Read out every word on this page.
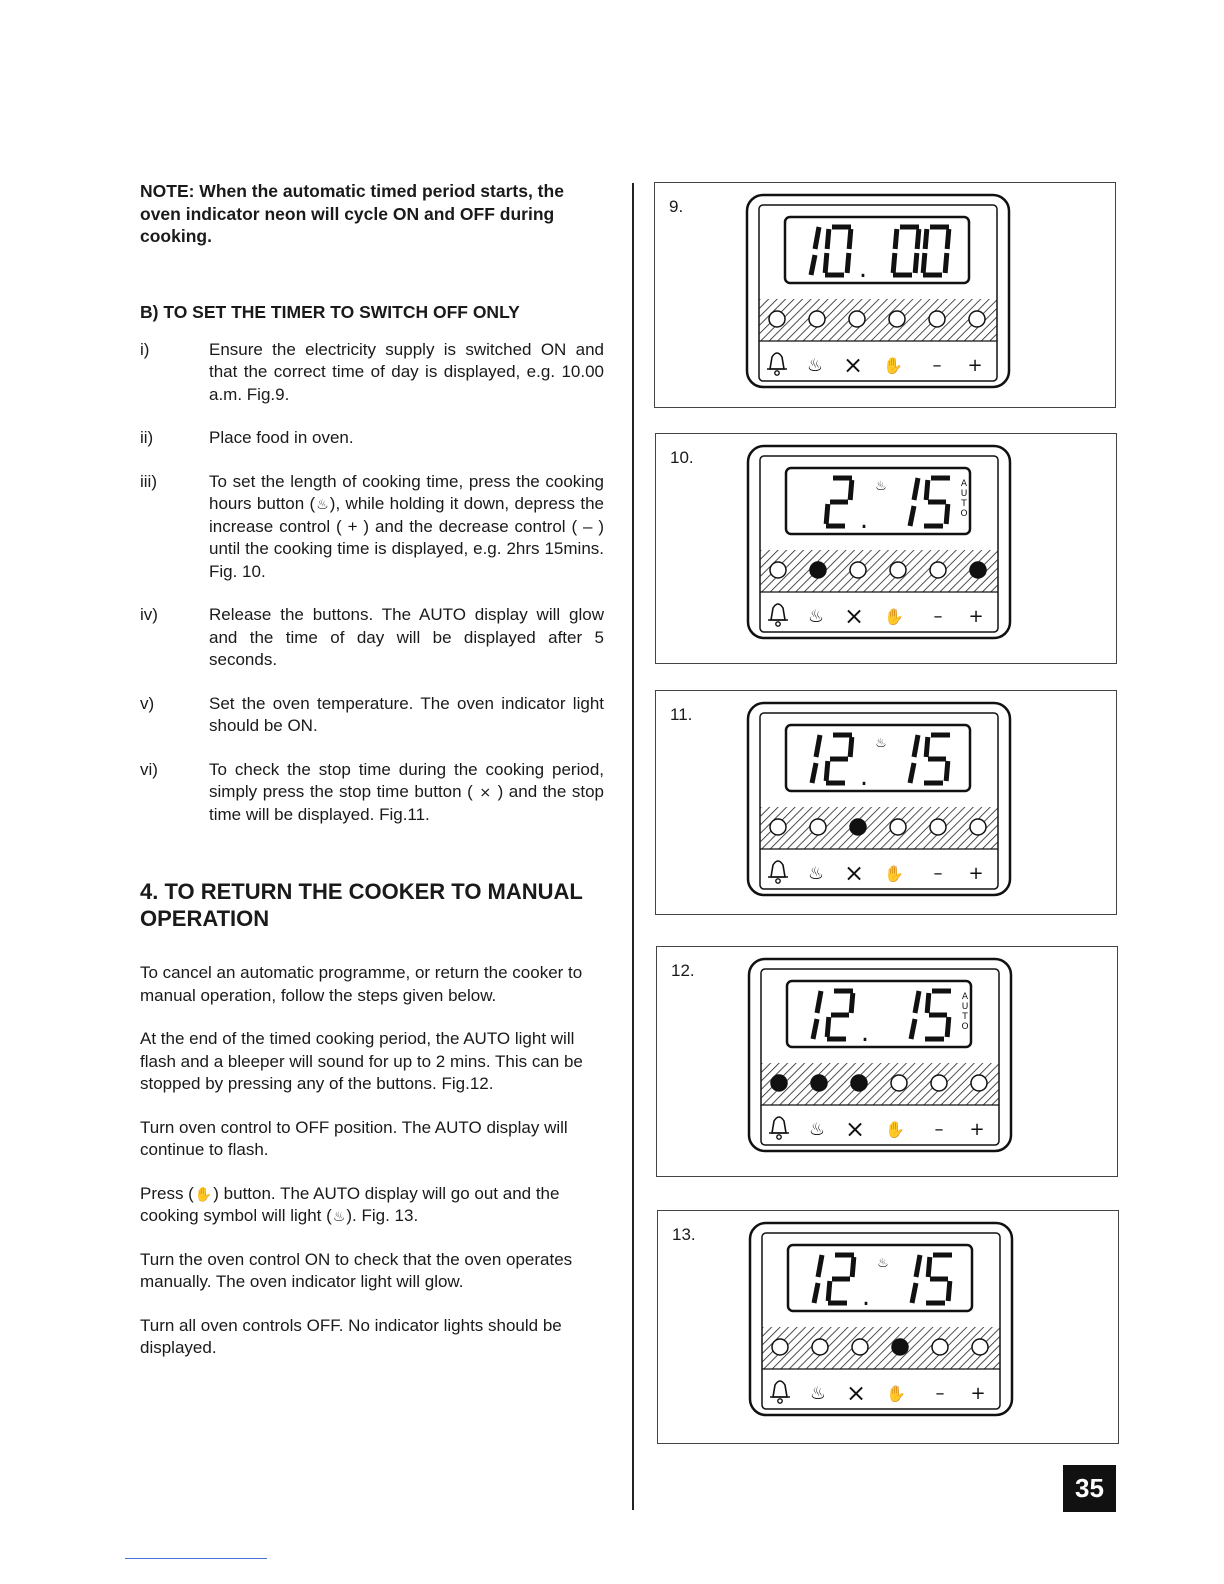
NOTE: When the automatic timed period starts, the oven indicator neon will cycle ON and OFF during cooking.

B) TO SET THE TIMER TO SWITCH OFF ONLY
i)	Ensure the electricity supply is switched ON and that the correct time of day is displayed, e.g. 10.00 a.m. Fig.9.
ii)	Place food in oven.
iii)	To set the length of cooking time, press the cooking hours button (♨), while holding it down, depress the increase control ( + ) and the decrease control ( – ) until the cooking time is displayed, e.g. 2hrs 15mins. Fig. 10.
iv)	Release the buttons. The AUTO display will glow and the time of day will be displayed after 5 seconds.
v)	Set the oven temperature. The oven indicator light should be ON.
vi)	To check the stop time during the cooking period, simply press the stop time button ( ⨯ ) and the stop time will be displayed. Fig.11.
4. TO RETURN THE COOKER TO MANUAL OPERATION

To cancel an automatic programme, or return the cooker to manual operation, follow the steps given below.

At the end of the timed cooking period, the AUTO light will flash and a bleeper will sound for up to 2 mins. This can be stopped by pressing any of the buttons. Fig.12.

Turn oven control to OFF position. The AUTO display will continue to flash.

Press (✋) button. The AUTO display will go out and the cooking symbol will light (♨). Fig. 13.

Turn the oven control ON to check that the oven operates manually. The oven indicator light will glow.

Turn all oven controls OFF. No indicator lights should be displayed.

9.
.
♨ ⨯ ✋ – +
10.
.
♨	A
U
T
O
♨ ⨯ ✋ – +
11.
.
♨
♨ ⨯ ✋ – +
12.
.
A
U
T
O
♨ ⨯ ✋ – +
13.
.
♨
♨ ⨯ ✋ – +
35
